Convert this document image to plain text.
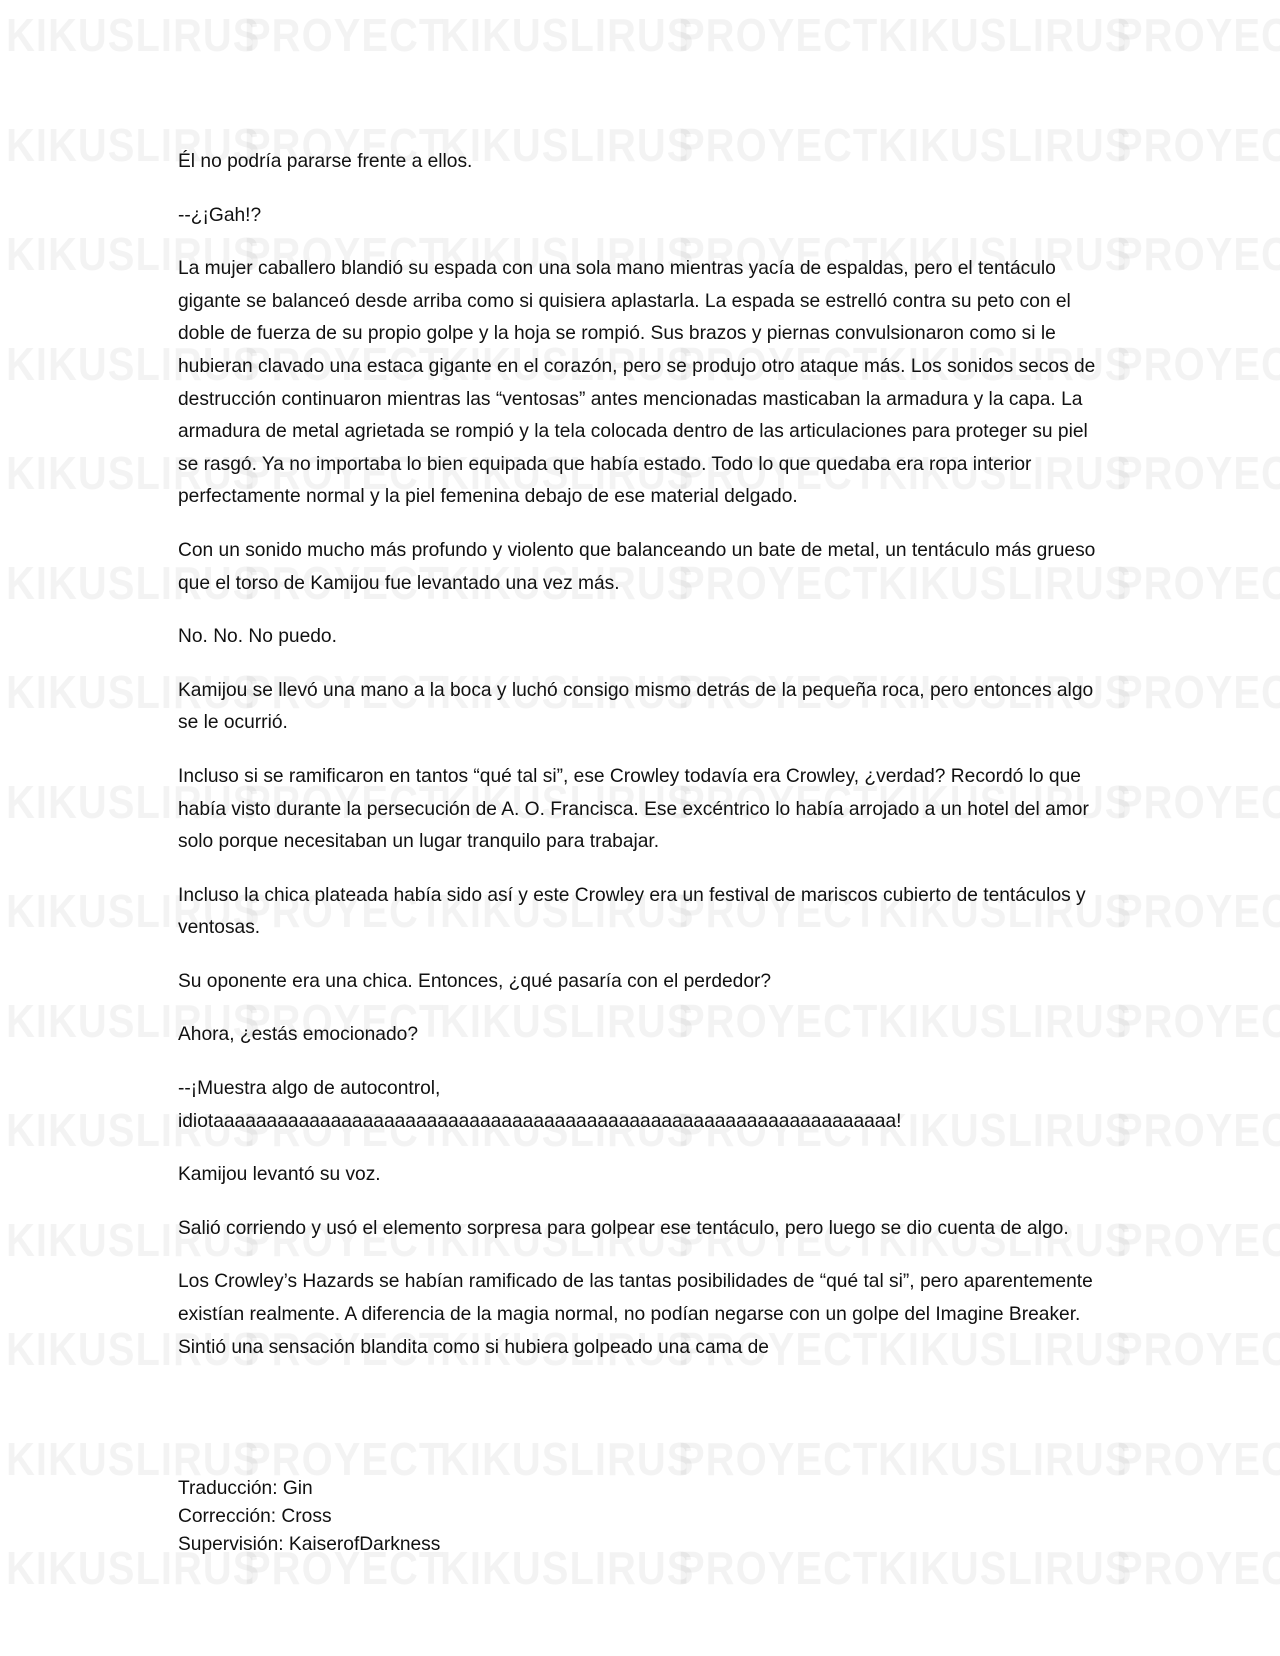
Él no podría pararse frente a ellos.

--¿¡Gah!?

La mujer caballero blandió su espada con una sola mano mientras yacía de espaldas, pero el tentáculo gigante se balanceó desde arriba como si quisiera aplastarla. La espada se estrelló contra su peto con el doble de fuerza de su propio golpe y la hoja se rompió. Sus brazos y piernas convulsionaron como si le hubieran clavado una estaca gigante en el corazón, pero se produjo otro ataque más. Los sonidos secos de destrucción continuaron mientras las “ventosas” antes mencionadas masticaban la armadura y la capa. La armadura de metal agrietada se rompió y la tela colocada dentro de las articulaciones para proteger su piel se rasgó. Ya no importaba lo bien equipada que había estado. Todo lo que quedaba era ropa interior perfectamente normal y la piel femenina debajo de ese material delgado.

Con un sonido mucho más profundo y violento que balanceando un bate de metal, un tentáculo más grueso que el torso de Kamijou fue levantado una vez más.

No. No. No puedo.

Kamijou se llevó una mano a la boca y luchó consigo mismo detrás de la pequeña roca, pero entonces algo se le ocurrió.

Incluso si se ramificaron en tantos “qué tal si”, ese Crowley todavía era Crowley, ¿verdad? Recordó lo que había visto durante la persecución de A. O. Francisca. Ese excéntrico lo había arrojado a un hotel del amor solo porque necesitaban un lugar tranquilo para trabajar.

Incluso la chica plateada había sido así y este Crowley era un festival de mariscos cubierto de tentáculos y ventosas.

Su oponente era una chica. Entonces, ¿qué pasaría con el perdedor?

Ahora, ¿estás emocionado?

--¡Muestra algo de autocontrol, idiotaaaaaaaaaaaaaaaaaaaaaaaaaaaaaaaaaaaaaaaaaaaaaaaaaaaaaaaaaaaaaaaa!

Kamijou levantó su voz.

Salió corriendo y usó el elemento sorpresa para golpear ese tentáculo, pero luego se dio cuenta de algo.

Los Crowley’s Hazards se habían ramificado de las tantas posibilidades de “qué tal si”, pero aparentemente existían realmente. A diferencia de la magia normal, no podían negarse con un golpe del Imagine Breaker. Sintió una sensación blandita como si hubiera golpeado una cama de

Traducción: Gin
Corrección: Cross
Supervisión: KaiserofDarkness
